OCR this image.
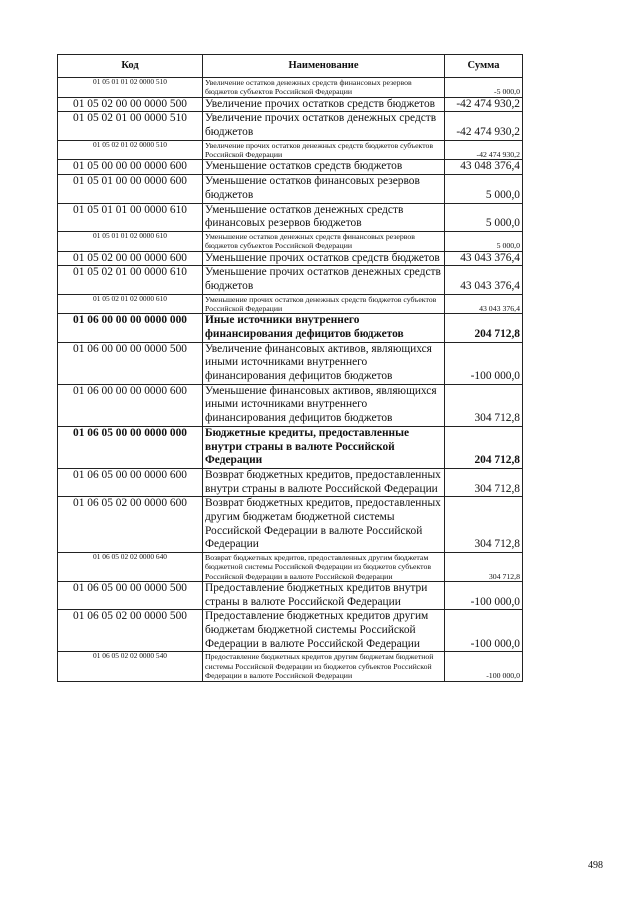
Код	Наименование	Сумма
01 05 01 01 02 0000 510	Увеличение остатков денежных средств финансовых резервов бюджетов субъектов Российской Федерации	-5 000,0
01 05 02 00 00 0000 500	Увеличение прочих остатков средств бюджетов	-42 474 930,2
01 05 02 01 00 0000 510	Увеличение прочих остатков денежных средств бюджетов	-42 474 930,2
01 05 02 01 02 0000 510	Увеличение прочих остатков денежных средств бюджетов субъектов Российской Федерации	-42 474 930,2
01 05 00 00 00 0000 600	Уменьшение остатков средств бюджетов	43 048 376,4
01 05 01 00 00 0000 600	Уменьшение остатков финансовых резервов бюджетов	5 000,0
01 05 01 01 00 0000 610	Уменьшение остатков денежных средств финансовых резервов бюджетов	5 000,0
01 05 01 01 02 0000 610	Уменьшение остатков денежных средств финансовых резервов бюджетов субъектов Российской Федерации	5 000,0
01 05 02 00 00 0000 600	Уменьшение прочих остатков средств бюджетов	43 043 376,4
01 05 02 01 00 0000 610	Уменьшение прочих остатков денежных средств бюджетов	43 043 376,4
01 05 02 01 02 0000 610	Уменьшение прочих остатков денежных средств бюджетов субъектов Российской Федерации	43 043 376,4
01 06 00 00 00 0000 000	Иные источники внутреннего финансирования дефицитов бюджетов	204 712,8
01 06 00 00 00 0000 500	Увеличение финансовых активов, являющихся иными источниками внутреннего финансирования дефицитов бюджетов	-100 000,0
01 06 00 00 00 0000 600	Уменьшение финансовых активов, являющихся иными источниками внутреннего финансирования дефицитов бюджетов	304 712,8
01 06 05 00 00 0000 000	Бюджетные кредиты, предоставленные внутри страны в валюте Российской Федерации	204 712,8
01 06 05 00 00 0000 600	Возврат бюджетных кредитов, предоставленных внутри страны в валюте Российской Федерации	304 712,8
01 06 05 02 00 0000 600	Возврат бюджетных кредитов, предоставленных другим бюджетам бюджетной системы Российской Федерации в валюте Российской Федерации	304 712,8
01 06 05 02 02 0000 640	Возврат бюджетных кредитов, предоставленных другим бюджетам бюджетной системы Российской Федерации из бюджетов субъектов Российской Федерации в валюте Российской Федерации	304 712,8
01 06 05 00 00 0000 500	Предоставление бюджетных кредитов внутри страны в валюте Российской Федерации	-100 000,0
01 06 05 02 00 0000 500	Предоставление бюджетных кредитов другим бюджетам бюджетной системы Российской Федерации в валюте Российской Федерации	-100 000,0
01 06 05 02 02 0000 540	Предоставление бюджетных кредитов другим бюджетам бюджетной системы Российской Федерации из бюджетов субъектов Российской Федерации в валюте Российской Федерации	-100 000,0
498
